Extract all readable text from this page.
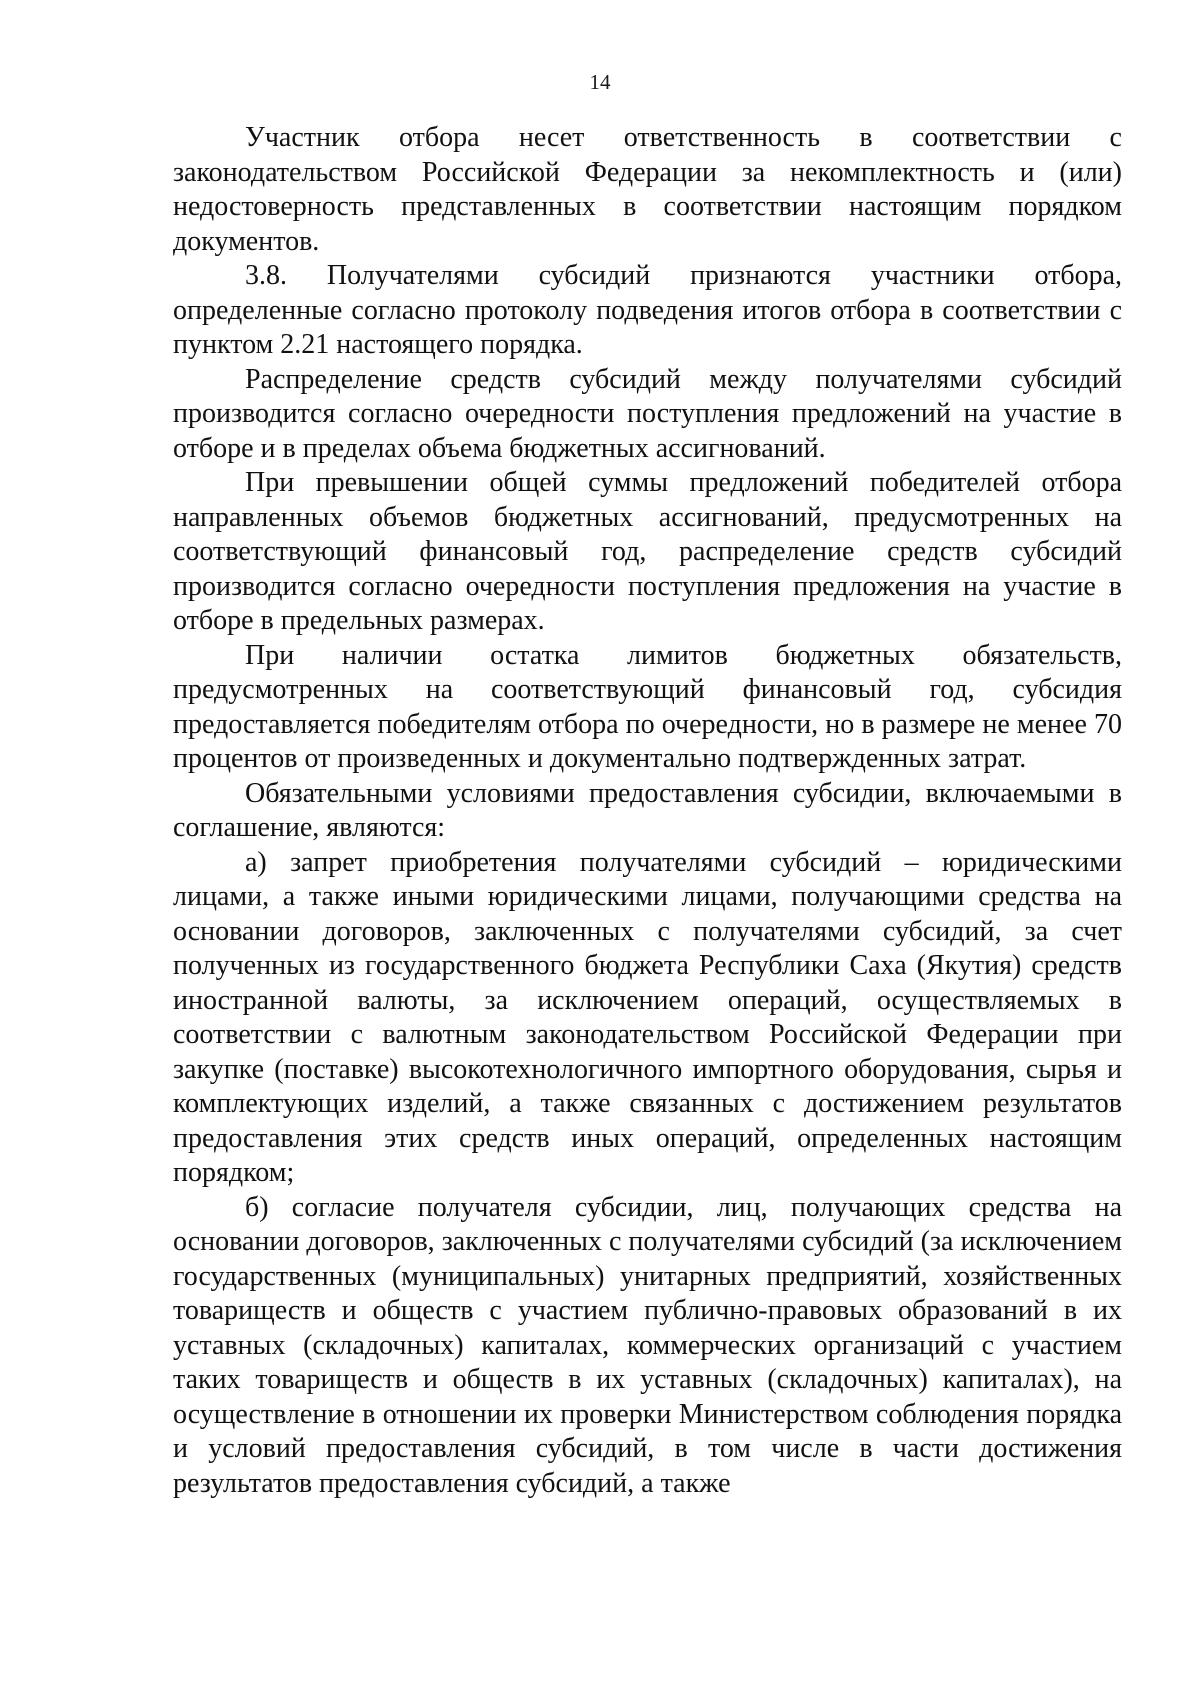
14

Участник отбора несет ответственность в соответствии с законодательством Российской Федерации за некомплектность и (или) недостоверность представленных в соответствии настоящим порядком документов.

3.8. Получателями субсидий признаются участники отбора, определенные согласно протоколу подведения итогов отбора в соответствии с пунктом 2.21 настоящего порядка.

Распределение средств субсидий между получателями субсидий производится согласно очередности поступления предложений на участие в отборе и в пределах объема бюджетных ассигнований.

При превышении общей суммы предложений победителей отбора направленных объемов бюджетных ассигнований, предусмотренных на соответствующий финансовый год, распределение средств субсидий производится согласно очередности поступления предложения на участие в отборе в предельных размерах.

При наличии остатка лимитов бюджетных обязательств, предусмотренных на соответствующий финансовый год, субсидия предоставляется победителям отбора по очередности, но в размере не менее 70 процентов от произведенных и документально подтвержденных затрат.

Обязательными условиями предоставления субсидии, включаемыми в соглашение, являются:

а) запрет приобретения получателями субсидий – юридическими лицами, а также иными юридическими лицами, получающими средства на основании договоров, заключенных с получателями субсидий, за счет полученных из государственного бюджета Республики Саха (Якутия) средств иностранной валюты, за исключением операций, осуществляемых в соответствии с валютным законодательством Российской Федерации при закупке (поставке) высокотехнологичного импортного оборудования, сырья и комплектующих изделий, а также связанных с достижением результатов предоставления этих средств иных операций, определенных настоящим порядком;

б) согласие получателя субсидии, лиц, получающих средства на основании договоров, заключенных с получателями субсидий (за исключением государственных (муниципальных) унитарных предприятий, хозяйственных товариществ и обществ с участием публично-правовых образований в их уставных (складочных) капиталах, коммерческих организаций с участием таких товариществ и обществ в их уставных (складочных) капиталах), на осуществление в отношении их проверки Министерством соблюдения порядка и условий предоставления субсидий, в том числе в части достижения результатов предоставления субсидий, а также
